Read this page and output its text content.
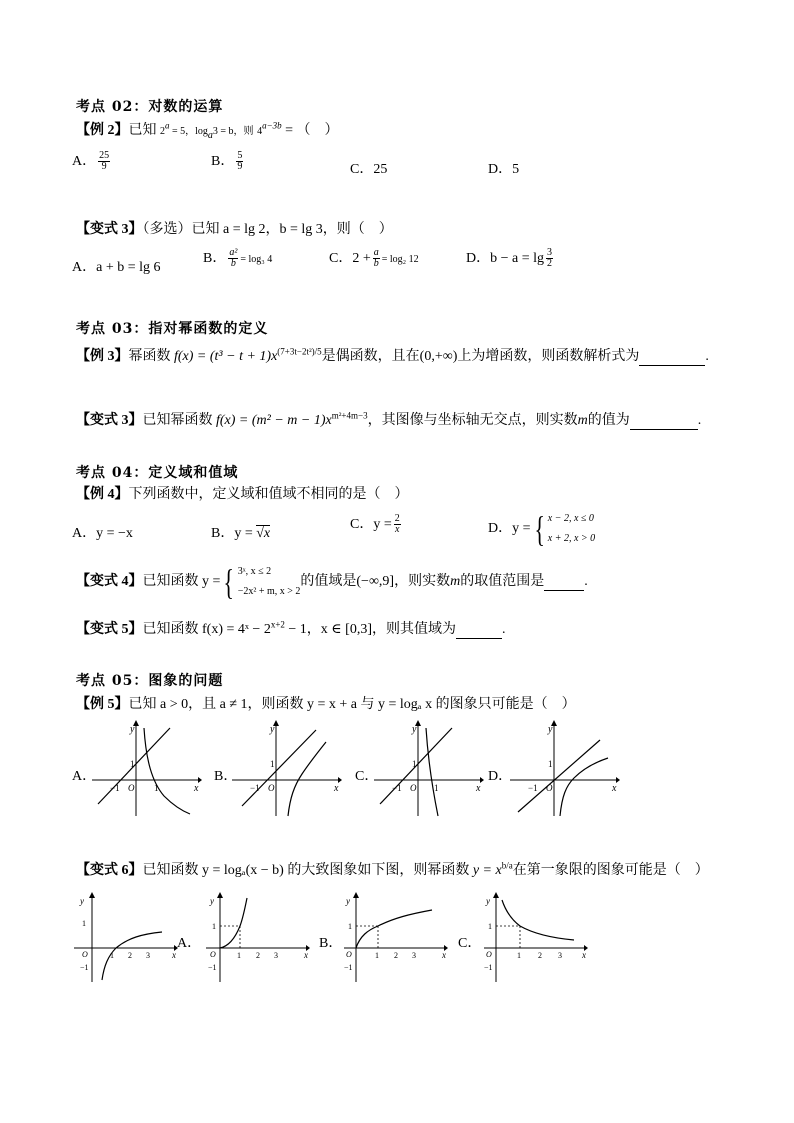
考点 02：对数的运算
【例 2】已知 $2^a = 5$，$\log_a3 = b$，则 $4^{a-3b}$ = （　）
A． $\frac{25}{9}$	B． $\frac{5}{9}$	C．25	D．5
【变式 3】（多选）已知 a = lg 2，b = lg 3，则（　）
A．a + b = lg 6
B． $\frac{\text{a²}}{b} = \log_3$ 4	C．$2 + \frac{a}{b} = \log_2$ 12	D．$b - a = \lg \frac{3}{2}$
考点 03：指对幂函数的定义
【例 3】幂函数 $f(x) = (t^3 - t + 1)x^{(7+3t-2t^2)/5}$是偶函数，且在(0,+∞)上为增函数，则函数解析式为	.
【变式 3】已知幂函数 $f(x) = (m^2 - m - 1)x^{m^2+4m-3}$，其图像与坐标轴无交点，则实数m的值为	.
考点 04：定义域和值域
【例 4】下列函数中，定义域和值域不相同的是（　）
A．y = −x	B．y = √x
C．$y = \frac{2}{x}$	D．y ={ x − 2, x ≤ 0
x + 2, x > 0
【变式 4】已知函数 y ={ 3ˣ, x ≤ 2
−2x² + m, x > 2
的值域是(−∞,9]，则实数m的取值范围是	.
【变式 5】已知函数 f(x) = 4ˣ − $2^{x+2} - 1$，x ∈ [0,3]，则其值域为	.
考点 05：图象的问题
【例 5】已知 a > 0，且 a ≠ 1，则函数 y = x + a 与 y = logₐ x 的图象只可能是（　）
A．	B．	C．	D．
y
x
1
−1 O 1
y
x
1
−1 O
y
x
1
−1 O 1
y
x
1
−1 O
【变式 6】已知函数 y = logₐ(x − b) 的大致图象如下图，则幂函数 $y = x^{b/a}$在第一象限的图象可能是（　）
y
x
1
−1
O	1 2 3
A．	B．	C．
y
x
1
−1
O	1 2 3
y
x
1
−1
O	1 2 3
y
x
1
−1
O	1 2 3
